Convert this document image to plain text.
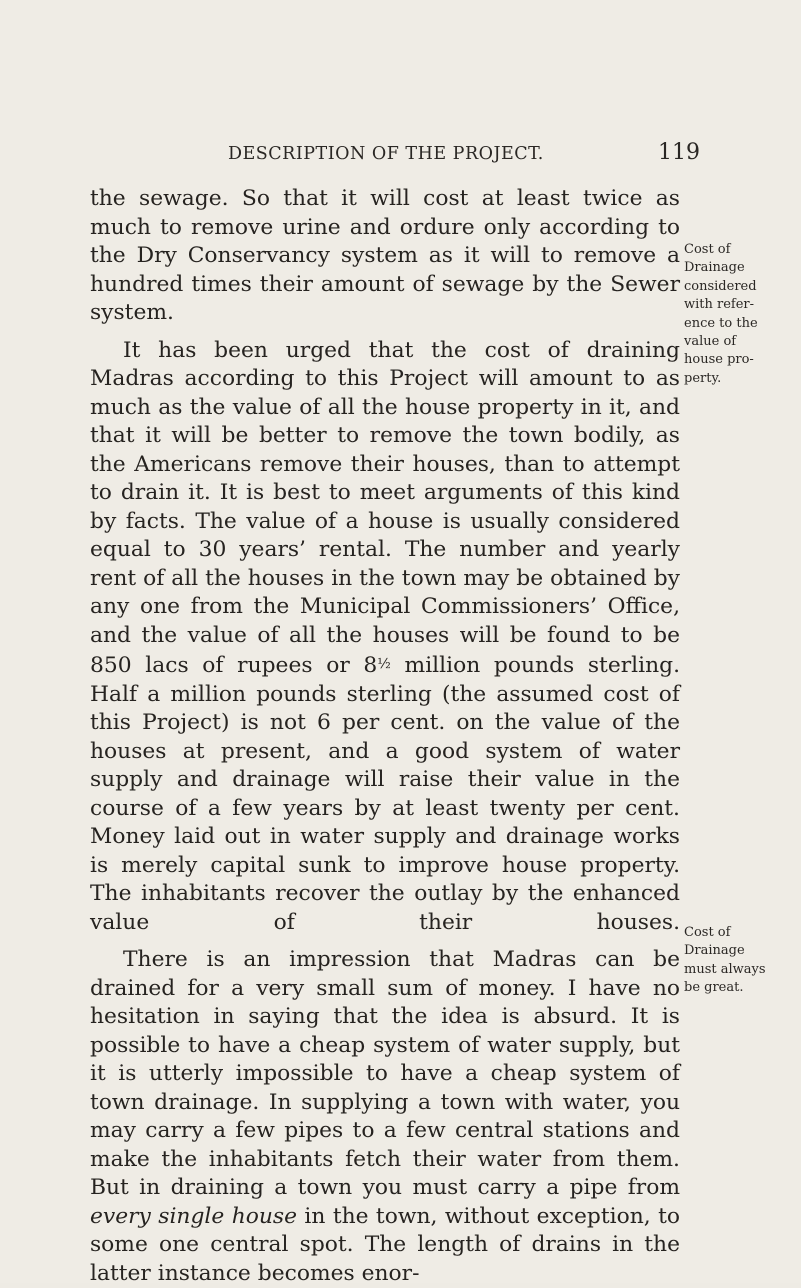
DESCRIPTION OF THE PROJECT.	119

the sewage. So that it will cost at least twice as much to remove urine and ordure only according to the Dry Conservancy system as it will to remove a hundred times their amount of sewage by the Sewer system.

It has been urged that the cost of draining Madras according to this Project will amount to as much as the value of all the house property in it, and that it will be better to remove the town bodily, as the Americans remove their houses, than to attempt to drain it. It is best to meet arguments of this kind by facts. The value of a house is usually considered equal to 30 years’ rental. The number and yearly rent of all the houses in the town may be obtained by any one from the Municipal Commissioners’ Office, and the value of all the houses will be found to be 850 lacs of rupees or 8½ million pounds sterling. Half a million pounds sterling (the assumed cost of this Project) is not 6 per cent. on the value of the houses at present, and a good system of water supply and drainage will raise their value in the course of a few years by at least twenty per cent. Money laid out in water supply and drainage works is merely capital sunk to improve house property. The inhabitants recover the outlay by the enhanced value of their houses.

There is an impression that Madras can be drained for a very small sum of money. I have no hesitation in saying that the idea is absurd. It is possible to have a cheap system of water supply, but it is utterly impossible to have a cheap system of town drainage. In supplying a town with water, you may carry a few pipes to a few central stations and make the inhabitants fetch their water from them. But in draining a town you must carry a pipe from every single house in the town, without exception, to some one central spot. The length of drains in the latter instance becomes enor-

Cost of
Drainage
considered
with refer-
ence to the
value of
house pro-
perty.
Cost of
Drainage
must always
be great.
